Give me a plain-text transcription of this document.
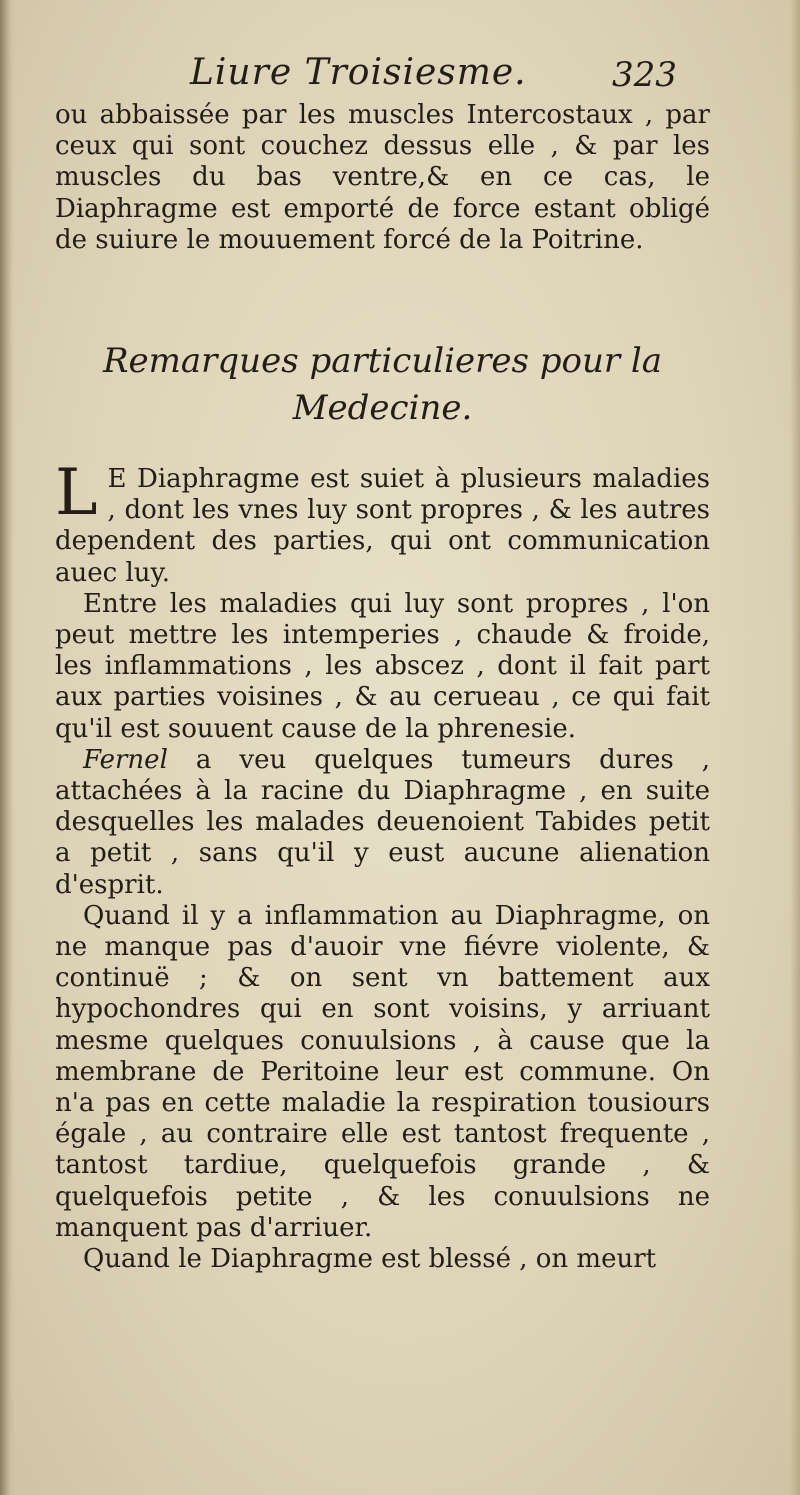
Liure Troisiesme.	323

ou abbaissée par les muscles Intercostaux , par ceux qui sont couchez dessus elle , & par les muscles du bas ventre,& en ce cas, le Diaphragme est emporté de force estant obligé de suiure le mouuement forcé de la Poitrine.

Remarques particulieres pour la Medecine.

L E Diaphragme est suiet à plusieurs maladies , dont les vnes luy sont propres , & les autres dependent des parties, qui ont communication auec luy.

Entre les maladies qui luy sont propres , l'on peut mettre les intemperies , chaude & froide, les inflammations , les abscez , dont il fait part aux parties voisines , & au cerueau , ce qui fait qu'il est souuent cause de la phrenesie.

Fernel a veu quelques tumeurs dures , attachées à la racine du Diaphragme , en suite desquelles les malades deuenoient Tabides petit a petit , sans qu'il y eust aucune alienation d'esprit.

Quand il y a inflammation au Diaphragme, on ne manque pas d'auoir vne fiévre violente, & continuë ; & on sent vn battement aux hypochondres qui en sont voisins, y arriuant mesme quelques conuulsions , à cause que la membrane de Peritoine leur est commune. On n'a pas en cette maladie la respiration tousiours égale , au contraire elle est tantost frequente , tantost tardiue, quelquefois grande , & quelquefois petite , & les conuulsions ne manquent pas d'arriuer.

Quand le Diaphragme est blessé , on meurt
